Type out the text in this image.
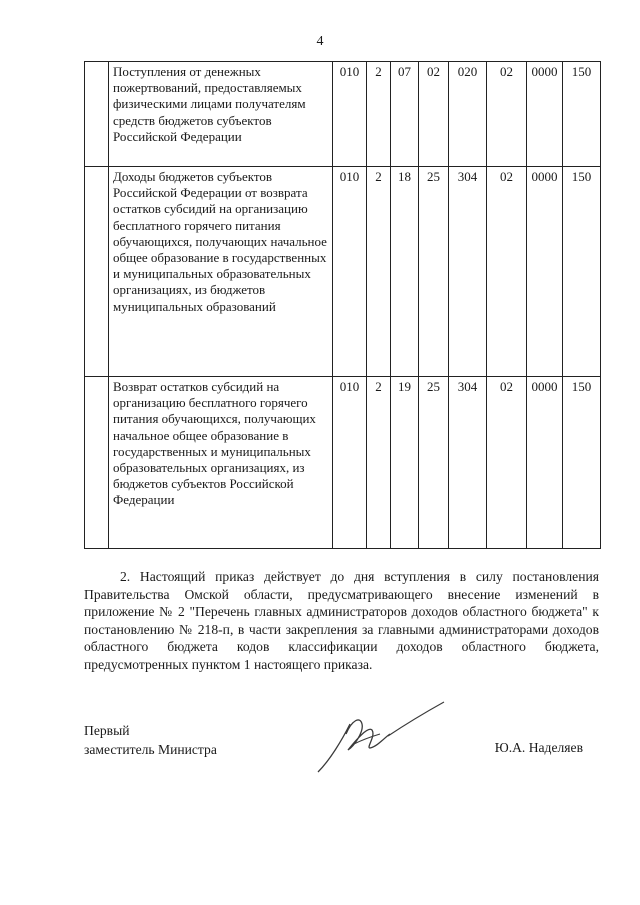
4
	Поступления от денежных пожертвований, предоставляемых физическими лицами получателям средств бюджетов субъектов Российской Федерации	010	2	07	02	020	02	0000	150
	Доходы бюджетов субъектов Российской Федерации от возврата остатков субсидий на организацию бесплатного горячего питания обучающихся, получающих начальное общее образование в государственных и муниципальных образовательных организациях, из бюджетов муниципальных образований	010	2	18	25	304	02	0000	150
	Возврат остатков субсидий на организацию бесплатного горячего питания обучающихся, получающих начальное общее образование в государственных и муниципальных образовательных организациях, из бюджетов субъектов Российской Федерации	010	2	19	25	304	02	0000	150

2. Настоящий приказ действует до дня вступления в силу постановления Правительства Омской области, предусматривающего внесение изменений в приложение № 2 "Перечень главных администраторов доходов областного бюджета" к постановлению № 218-п, в части закрепления за главными администраторами доходов областного бюджета кодов классификации доходов областного бюджета, предусмотренных пунктом 1 настоящего приказа.

Первый
заместитель Министра	Ю.А. Наделяев
